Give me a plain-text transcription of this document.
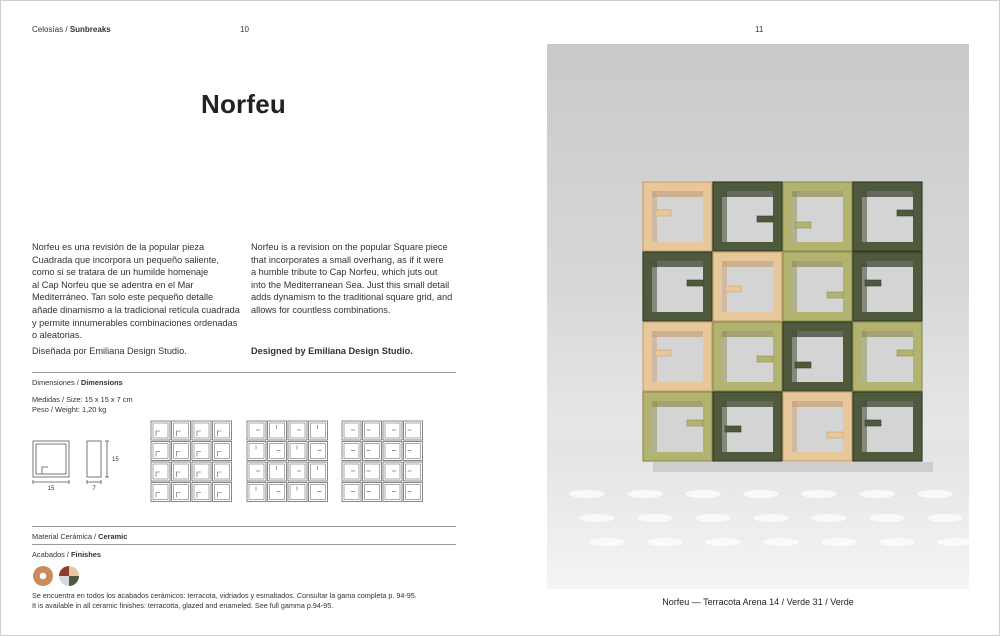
Celosías / Sunbreaks	10	11
Norfeu
Norfeu es una revisión de la popular pieza
Cuadrada que incorpora un pequeño saliente,
como si se tratara de un humilde homenaje
al Cap Norfeu que se adentra en el Mar
Mediterráneo. Tan solo este pequeño detalle
añade dinamismo a la tradicional retícula cuadrada
y permite innumerables combinaciones ordenadas
o aleatorias.
Norfeu is a revision on the popular Square piece
that incorporates a small overhang, as if it were
a humble tribute to Cap Norfeu, which juts out
into the Mediterranean Sea. Just this small detail
adds dynamism to the traditional square grid, and
allows for countless combinations.
Diseñada por Emiliana Design Studio.	Designed by Emiliana Design Studio.
Dimensiones / Dimensions
Medidas / Size: 15 x 15 x 7 cm
Peso / Weight: 1,20 kg
15	7
15
Material Cerámica / Ceramic
Acabados / Finishes
Se encuentra en todos los acabados cerámicos: terracota, vidriados y esmaltados. Consultar la gama completa p. 94-95.
It is available in all ceramic finishes: terracotta, glazed and enameled. See full gamma p.94-95.	Norfeu — Terracota Arena 14 / Verde 31 / Verde
